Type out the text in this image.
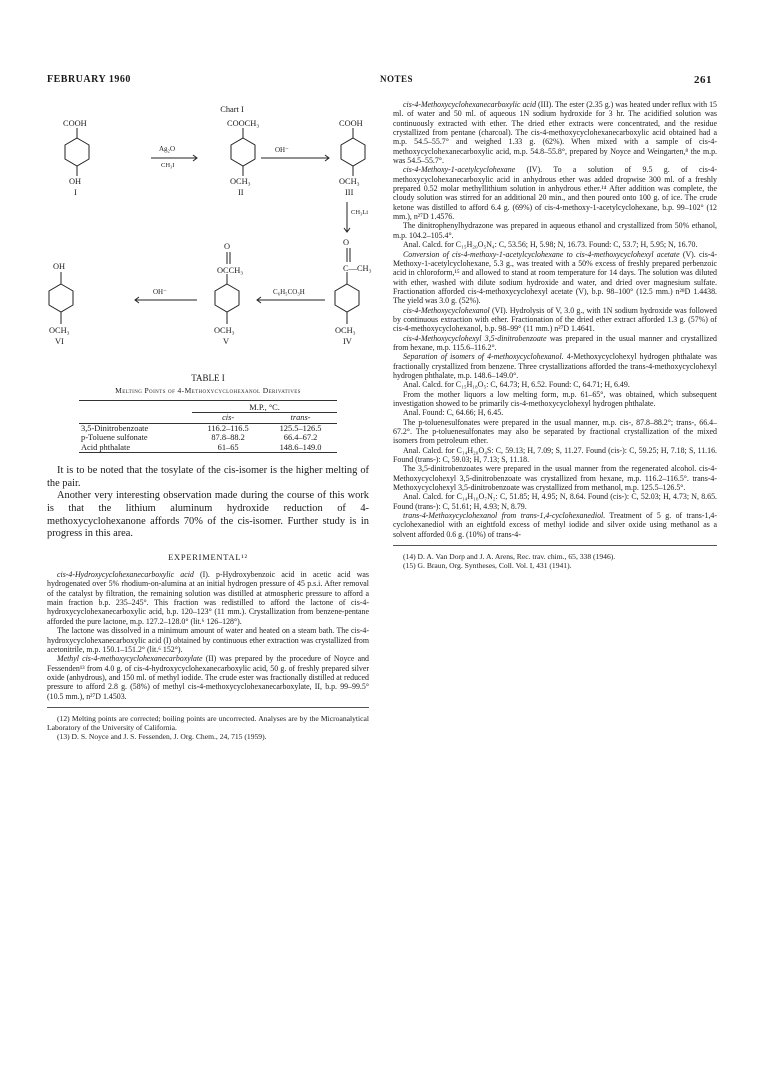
FEBRUARY 1960	NOTES	261
Chart I
COOH
OH
I
Ag₂O
CH₃I
COOCH₃
OCH₃
II
OH⁻
COOH
OCH₃
III
CH₃Li
O
C—CH₃
OCH₃
IV
C₆H₅CO₃H
O
OCCH₃
OCH₃
V
OH⁻
OH
OCH₃
VI
TABLE I
Melting Points of 4-Methoxycyclohexanol Derivatives
	M.P., °C.	
	cis-	trans-
3,5-Dinitrobenzoate	116.2–116.5	125.5–126.5
p-Toluene sulfonate	87.8–88.2	66.4–67.2
Acid phthalate	61–65	148.6–149.0

It is to be noted that the tosylate of the cis-isomer is the higher melting of the pair.

Another very interesting observation made during the course of this work is that the lithium aluminum hydroxide reduction of 4-methoxycyclohexanone affords 70% of the cis-isomer. Further study is in progress in this area.

EXPERIMENTAL¹²

cis-4-Hydroxycyclohexanecarboxylic acid (I). p-Hydroxybenzoic acid in acetic acid was hydrogenated over 5% rhodium-on-alumina at an initial hydrogen pressure of 45 p.s.i. After removal of the catalyst by filtration, the remaining solution was distilled at atmospheric pressure to afford a main fraction b.p. 235–245°. This fraction was redistilled to afford the lactone of cis-4-hydroxycyclohexanecarboxylic acid, b.p. 120–123° (11 mm.). Crystallization from benzene-pentane afforded the pure lactone, m.p. 127.2–128.0° (lit.⁶ 126–128°).

The lactone was dissolved in a minimum amount of water and heated on a steam bath. The cis-4-hydroxycyclohexanecarboxylic acid (I) obtained by continuous ether extraction was crystallized from acetonitrile, m.p. 150.1–151.2° (lit.⁶ 152°).

Methyl cis-4-methoxycyclohexanecarboxylate (II) was prepared by the procedure of Noyce and Fessenden¹³ from 4.0 g. of cis-4-hydroxycyclohexanecarboxylic acid, 50 g. of freshly prepared silver oxide (anhydrous), and 150 ml. of methyl iodide. The crude ester was fractionally distilled at reduced pressure to afford 2.8 g. (58%) of methyl cis-4-methoxycyclohexanecarboxylate, II, b.p. 99–99.5° (10.5 mm.), n²⁷D 1.4503.

(12) Melting points are corrected; boiling points are uncorrected. Analyses are by the Microanalytical Laboratory of the University of California.

(13) D. S. Noyce and J. S. Fessenden, J. Org. Chem., 24, 715 (1959).

cis-4-Methoxycyclohexanecarboxylic acid (III). The ester (2.35 g.) was heated under reflux with 15 ml. of water and 50 ml. of aqueous 1N sodium hydroxide for 3 hr. The acidified solution was continuously extracted with ether. The dried ether extracts were concentrated, and the residue crystallized from pentane (charcoal). The cis-4-methoxycyclohexanecarboxylic acid obtained had a m.p. 54.5–55.7° and weighed 1.33 g. (62%). When mixed with a sample of cis-4-methoxycyclohexanecarboxylic acid, m.p. 54.8–55.8°, prepared by Noyce and Weingarten,⁸ the m.p. was 54.5–55.7°.

cis-4-Methoxy-1-acetylcyclohexane (IV). To a solution of 9.5 g. of cis-4-methoxycyclohexanecarboxylic acid in anhydrous ether was added dropwise 300 ml. of a freshly prepared 0.52 molar methyllithium solution in anhydrous ether.¹⁴ After addition was complete, the cloudy solution was stirred for an additional 20 min., and then poured onto 100 g. of ice. The crude ketone was distilled to afford 6.4 g. (69%) of cis-4-methoxy-1-acetylcyclohexane, b.p. 99–102° (12 mm.), n²⁷D 1.4576.

The dinitrophenylhydrazone was prepared in aqueous ethanol and crystallized from 50% ethanol, m.p. 104.2–105.4°.

Anal. Calcd. for C₁₅H₂₀O₅N₄: C, 53.56; H, 5.98; N, 16.73. Found: C, 53.7; H, 5.95; N, 16.70.

Conversion of cis-4-methoxy-1-acetylcyclohexane to cis-4-methoxycyclohexyl acetate (V). cis-4-Methoxy-1-acetylcyclohexane, 5.3 g., was treated with a 50% excess of freshly prepared perbenzoic acid in chloroform,¹⁵ and allowed to stand at room temperature for 14 days. The solution was diluted with ether, washed with dilute sodium hydroxide and water, and dried over magnesium sulfate. Fractionation afforded cis-4-methoxycyclohexyl acetate (V), b.p. 98–100° (12.5 mm.) n²⁸D 1.4438. The yield was 3.0 g. (52%).

cis-4-Methoxycyclohexanol (VI). Hydrolysis of V, 3.0 g., with 1N sodium hydroxide was followed by continuous extraction with ether. Fractionation of the dried ether extract afforded 1.3 g. (57%) of cis-4-methoxycyclohexanol, b.p. 98–99° (11 mm.) n²⁷D 1.4641.

cis-4-Methoxycyclohexyl 3,5-dinitrobenzoate was prepared in the usual manner and crystallized from hexane, m.p. 115.6–116.2°.

Separation of isomers of 4-methoxycyclohexanol. 4-Methoxycyclohexyl hydrogen phthalate was fractionally crystallized from benzene. Three crystallizations afforded the trans-4-methoxycyclohexyl hydrogen phthalate, m.p. 148.6–149.0°.

Anal. Calcd. for C₁₅H₁₈O₅: C, 64.73; H, 6.52. Found: C, 64.71; H, 6.49.

From the mother liquors a low melting form, m.p. 61–65°, was obtained, which subsequent investigation showed to be primarily cis-4-methoxycyclohexyl hydrogen phthalate.

Anal. Found: C, 64.66; H, 6.45.

The p-toluenesulfonates were prepared in the usual manner, m.p. cis-, 87.8–88.2°; trans-, 66.4–67.2°. The p-toluenesulfonates may also be separated by fractional crystallization of the mixed isomers from petroleum ether.

Anal. Calcd. for C₁₄H₂₀O₄S: C, 59.13; H, 7.09; S, 11.27. Found (cis-): C, 59.25; H, 7.18; S, 11.16. Found (trans-): C, 59.03; H, 7.13; S, 11.18.

The 3,5-dinitrobenzoates were prepared in the usual manner from the regenerated alcohol. cis-4-Methoxycyclohexyl 3,5-dinitrobenzoate was crystallized from hexane, m.p. 116.2–116.5°. trans-4-Methoxycyclohexyl 3,5-dinitrobenzoate was crystallized from methanol, m.p. 125.5–126.5°.

Anal. Calcd. for C₁₄H₁₆O₇N₂: C, 51.85; H, 4.95; N, 8.64. Found (cis-): C, 52.03; H, 4.73; N, 8.65. Found (trans-): C, 51.61; H, 4.93; N, 8.79.

trans-4-Methoxycyclohexanol from trans-1,4-cyclohexanediol. Treatment of 5 g. of trans-1,4-cyclohexanediol with an eightfold excess of methyl iodide and silver oxide using methanol as a solvent afforded 0.6 g. (10%) of trans-4-

(14) D. A. Van Dorp and J. A. Arens, Rec. trav. chim., 65, 338 (1946).

(15) G. Braun, Org. Syntheses, Coll. Vol. I, 431 (1941).
